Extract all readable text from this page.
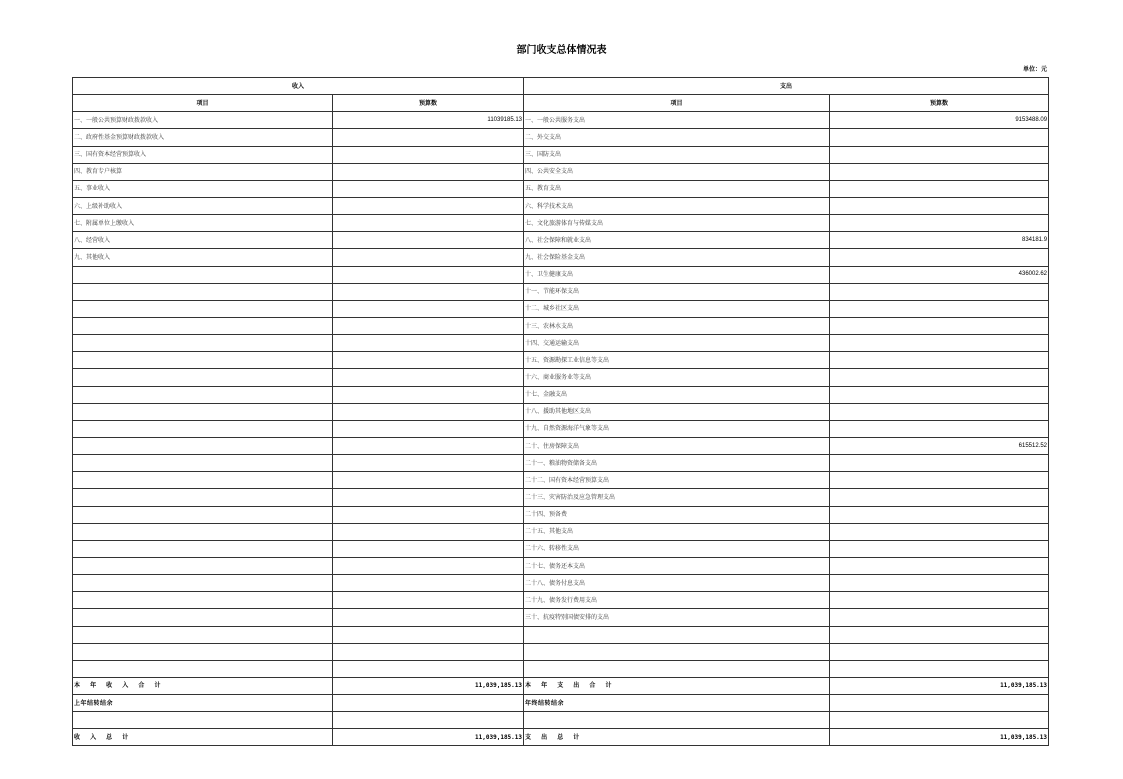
部门收支总体情况表
单位：元
收入		支出	
项目	预算数	项目	预算数
一、一般公共预算财政拨款收入	11039185.13	一、一般公共服务支出	9153488.09
二、政府性基金预算财政拨款收入		二、外交支出	
三、国有资本经营预算收入		三、国防支出	
四、教育专户核算		四、公共安全支出	
五、事业收入		五、教育支出	
六、上级补助收入		六、科学技术支出	
七、附属单位上缴收入		七、文化旅游体育与传媒支出	
八、经营收入		八、社会保障和就业支出	834181.9
九、其他收入		九、社会保险基金支出	
		十、卫生健康支出	436002.62
		十一、节能环保支出	
		十二、城乡社区支出	
		十三、农林水支出	
		十四、交通运输支出	
		十五、资源勘探工业信息等支出	
		十六、商业服务业等支出	
		十七、金融支出	
		十八、援助其他地区支出	
		十九、自然资源海洋气象等支出	
		二十、住房保障支出	615512.52
		二十一、粮油物资储备支出	
		二十二、国有资本经营预算支出	
		二十三、灾害防治及应急管理支出	
		二十四、预备费	
		二十五、其他支出	
		二十六、转移性支出	
		二十七、债务还本支出	
		二十八、债务付息支出	
		二十九、债务发行费用支出	
		三十、抗疫特别国债安排的支出	

本 年 收 入 合 计	11,039,185.13	本 年 支 出 合 计	11,039,185.13
上年结转结余		年终结转结余	

收 入 总 计	11,039,185.13	支 出 总 计	11,039,185.13
